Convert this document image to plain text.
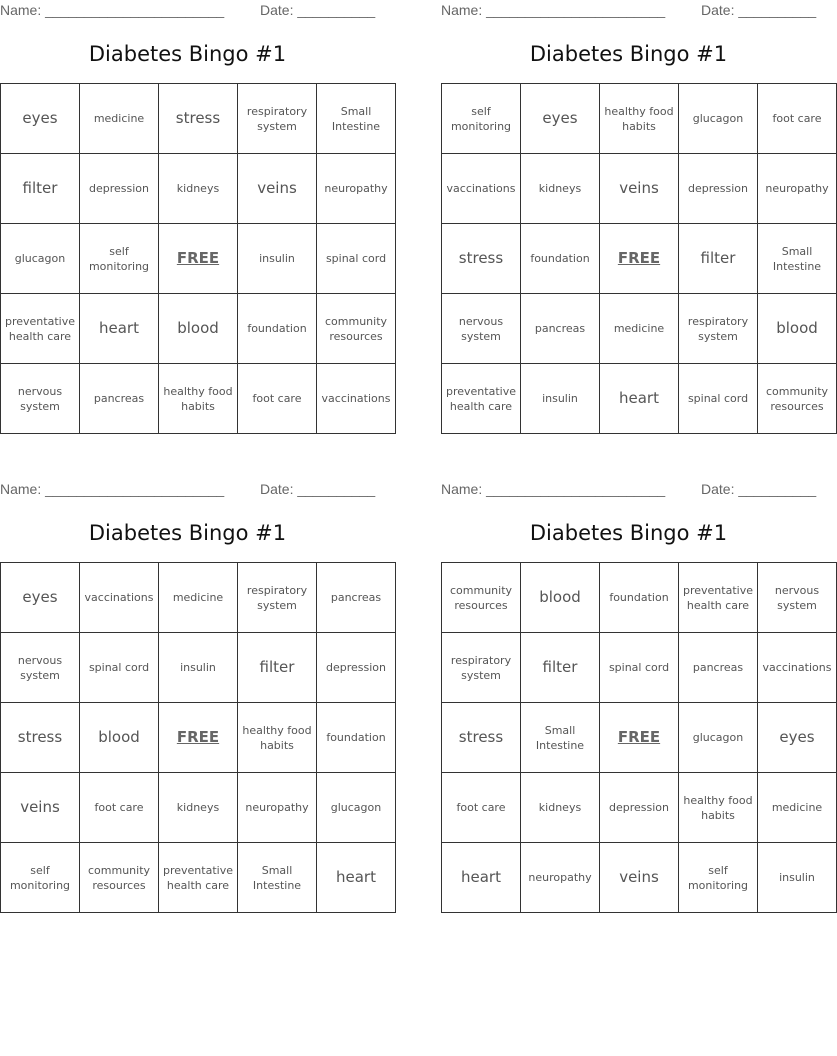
Name: _______________________	Date: __________
Diabetes Bingo #1
eyes	medicine	stress	respiratory system	Small Intestine
filter	depression	kidneys	veins	neuropathy
glucagon	self monitoring	FREE	insulin	spinal cord
preventative health care	heart	blood	foundation	community resources
nervous system	pancreas	healthy food habits	foot care	vaccinations
Name: _______________________	Date: __________
Diabetes Bingo #1
self monitoring	eyes	healthy food habits	glucagon	foot care
vaccinations	kidneys	veins	depression	neuropathy
stress	foundation	FREE	filter	Small Intestine
nervous system	pancreas	medicine	respiratory system	blood
preventative health care	insulin	heart	spinal cord	community resources
Name: _______________________	Date: __________
Diabetes Bingo #1
eyes	vaccinations	medicine	respiratory system	pancreas
nervous system	spinal cord	insulin	filter	depression
stress	blood	FREE	healthy food habits	foundation
veins	foot care	kidneys	neuropathy	glucagon
self monitoring	community resources	preventative health care	Small Intestine	heart
Name: _______________________	Date: __________
Diabetes Bingo #1
community resources	blood	foundation	preventative health care	nervous system
respiratory system	filter	spinal cord	pancreas	vaccinations
stress	Small Intestine	FREE	glucagon	eyes
foot care	kidneys	depression	healthy food habits	medicine
heart	neuropathy	veins	self monitoring	insulin
